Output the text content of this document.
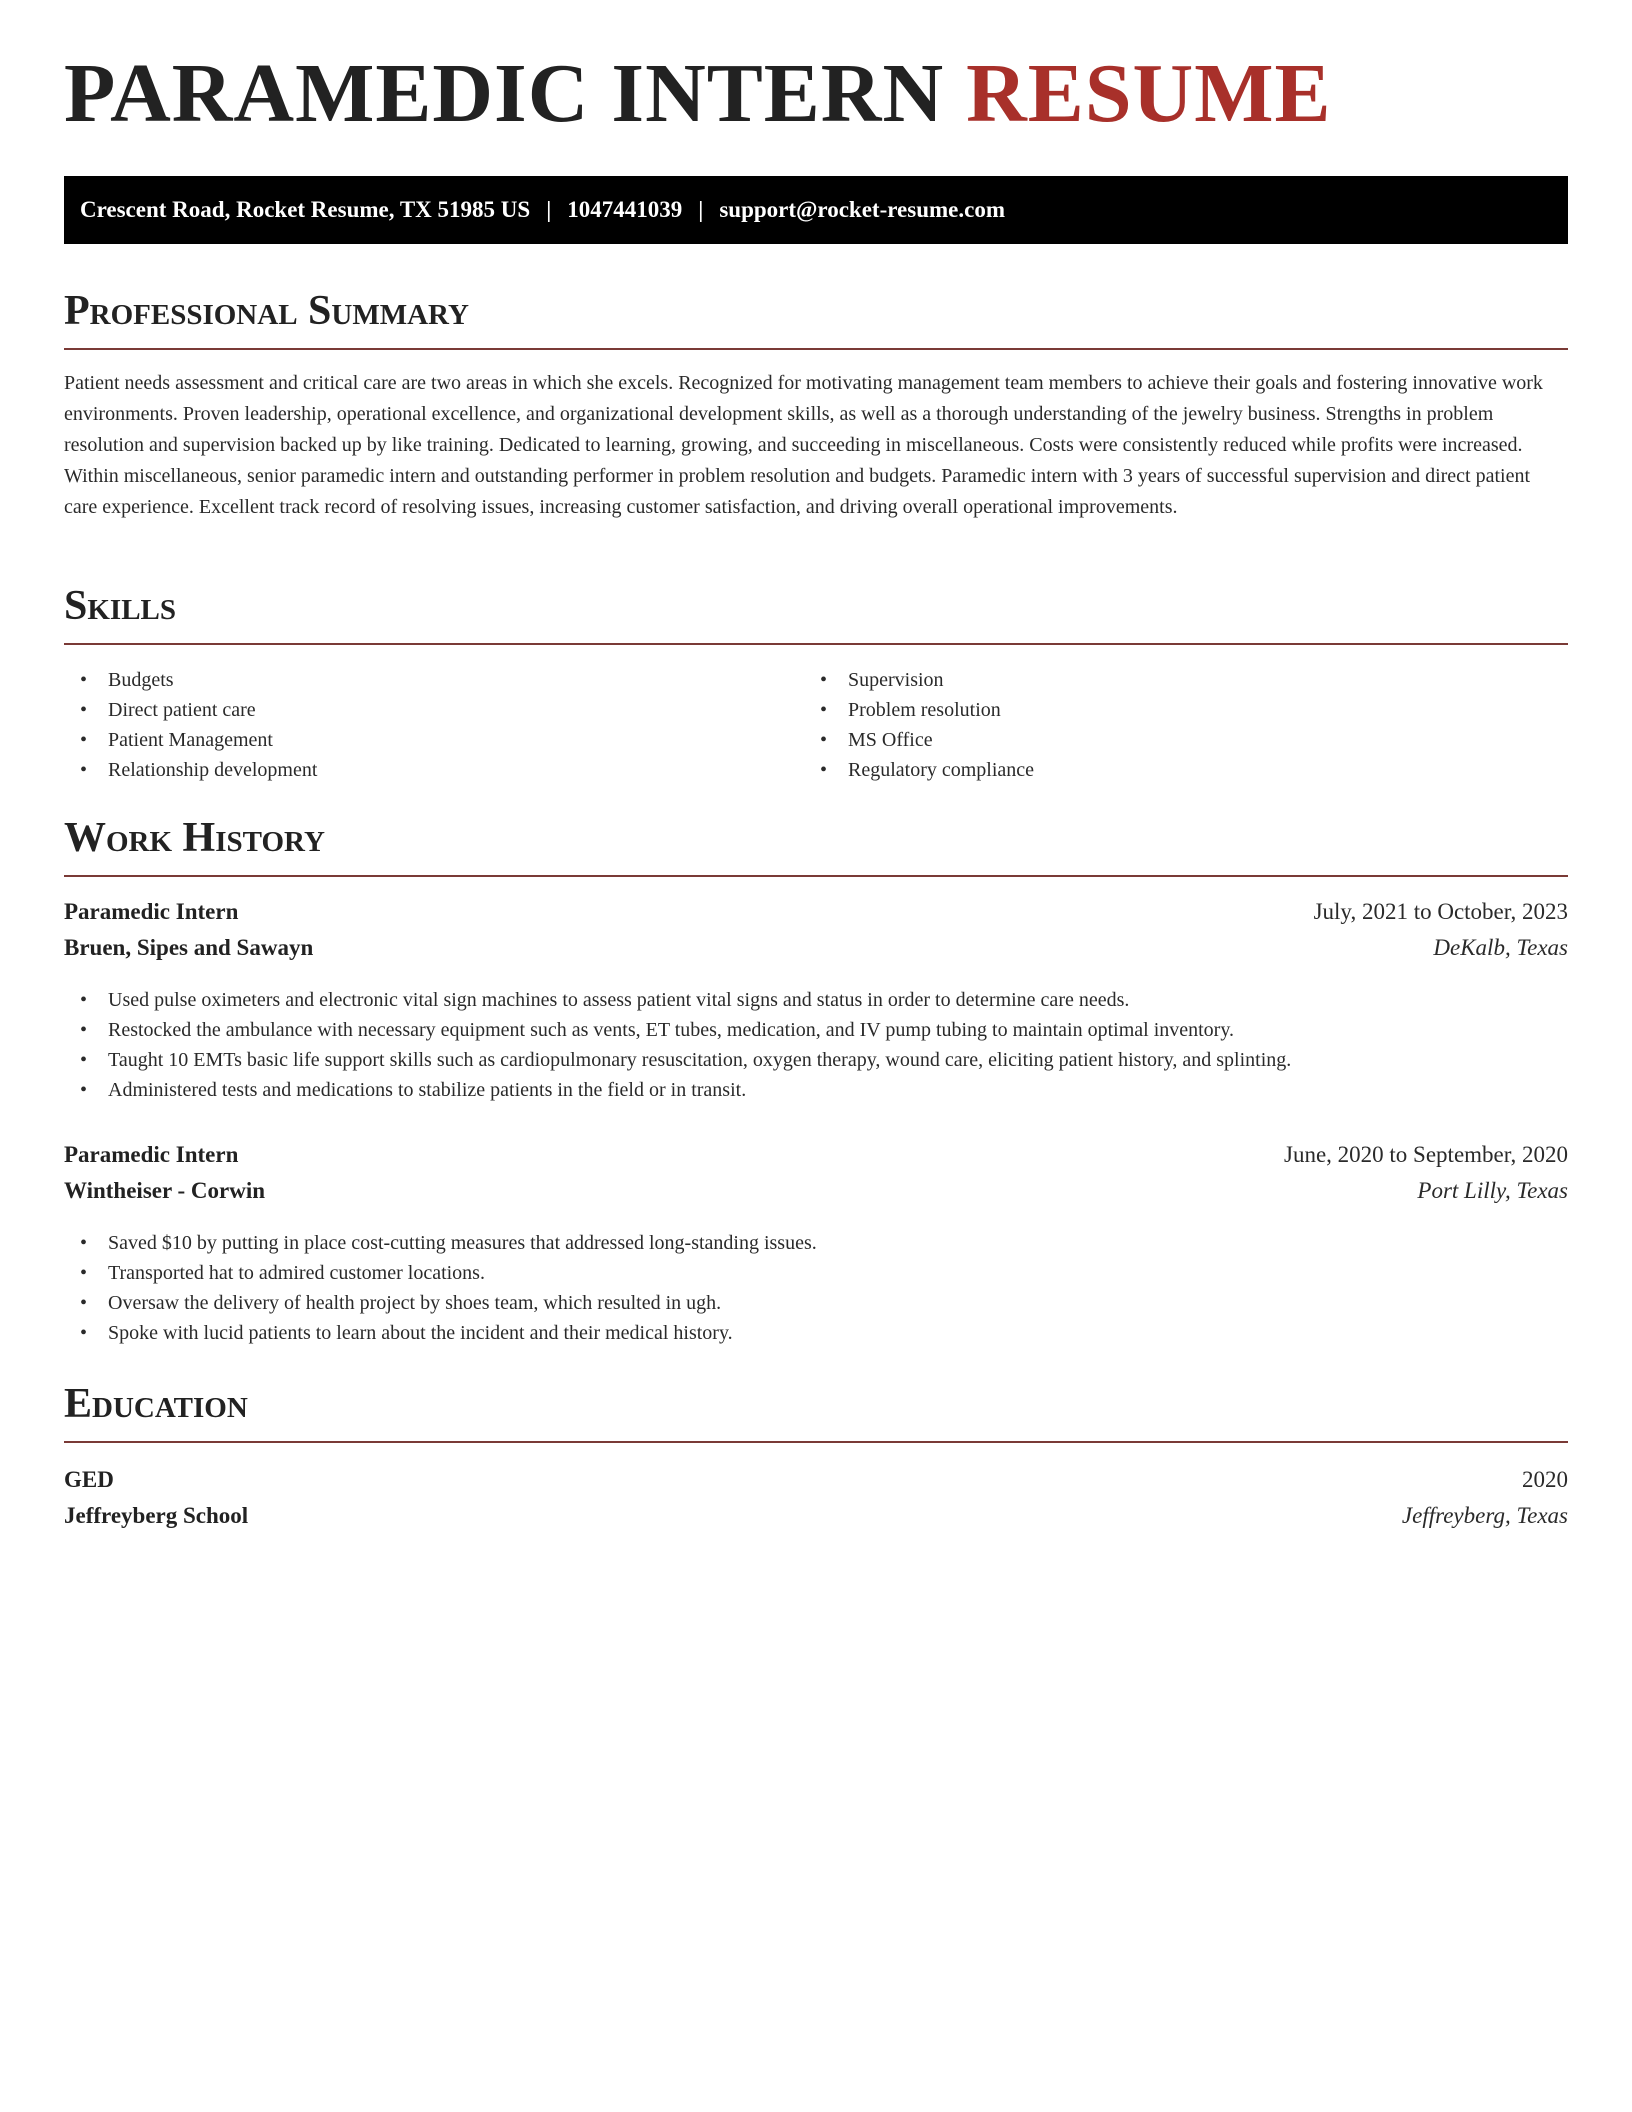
PARAMEDIC INTERN RESUME
Crescent Road, Rocket Resume, TX 51985 US | 1047441039 | support@rocket-resume.com
Professional Summary

Patient needs assessment and critical care are two areas in which she excels. Recognized for motivating management team members to achieve their goals and fostering innovative work environments. Proven leadership, operational excellence, and organizational development skills, as well as a thorough understanding of the jewelry business. Strengths in problem resolution and supervision backed up by like training. Dedicated to learning, growing, and succeeding in miscellaneous. Costs were consistently reduced while profits were increased. Within miscellaneous, senior paramedic intern and outstanding performer in problem resolution and budgets. Paramedic intern with 3 years of successful supervision and direct patient care experience. Excellent track record of resolving issues, increasing customer satisfaction, and driving overall operational improvements.

Skills
• Budgets
• Direct patient care
• Patient Management
• Relationship development
• Supervision
• Problem resolution
• MS Office
• Regulatory compliance
Work History
Paramedic Intern	July, 2021 to October, 2023
Bruen, Sipes and Sawayn	DeKalb, Texas
• Used pulse oximeters and electronic vital sign machines to assess patient vital signs and status in order to determine care needs.
• Restocked the ambulance with necessary equipment such as vents, ET tubes, medication, and IV pump tubing to maintain optimal inventory.
• Taught 10 EMTs basic life support skills such as cardiopulmonary resuscitation, oxygen therapy, wound care, eliciting patient history, and splinting.
• Administered tests and medications to stabilize patients in the field or in transit.
Paramedic Intern	June, 2020 to September, 2020
Wintheiser - Corwin	Port Lilly, Texas
• Saved $10 by putting in place cost-cutting measures that addressed long-standing issues.
• Transported hat to admired customer locations.
• Oversaw the delivery of health project by shoes team, which resulted in ugh.
• Spoke with lucid patients to learn about the incident and their medical history.
Education
GED	2020
Jeffreyberg School	Jeffreyberg, Texas
